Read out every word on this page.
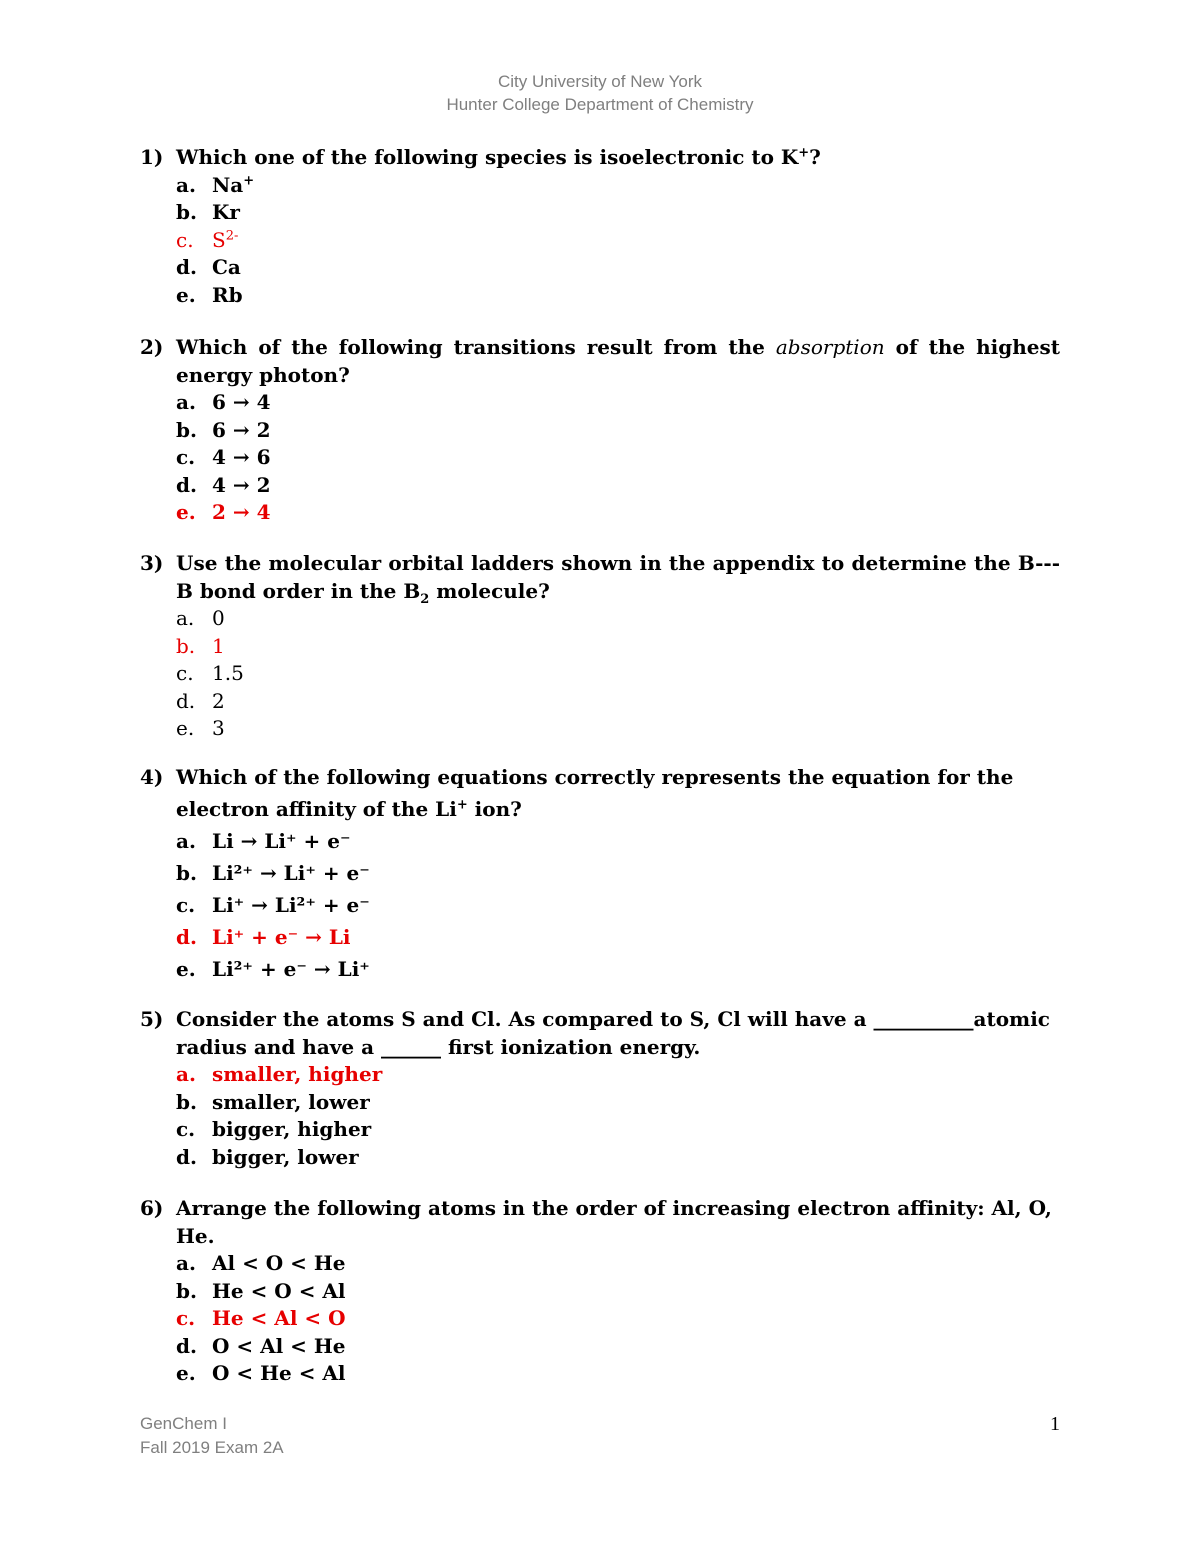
City University of New York
Hunter College Department of Chemistry
1) Which one of the following species is isoelectronic to K+?
a. Na+
b. Kr
c. $S^{2-}$
d. Ca
e. Rb
2) Which of the following transitions result from the absorption of the highest energy photon?
a. 6 → 4
b. 6 → 2
c. 4 → 6
d. 4 → 2
e. 2 → 4
3) Use the molecular orbital ladders shown in the appendix to determine the B---B bond order in the $B_2$ molecule?
a. 0
b. 1
c. 1.5
d. 2
e. 3
4) Which of the following equations correctly represents the equation for the electron affinity of the Li+ ion?
a. Li → Li⁺ + e⁻
b. Li²⁺ → Li⁺ + e⁻
c. Li⁺ → Li²⁺ + e⁻
d. Li⁺ + e⁻ → Li
e. Li²⁺ + e⁻ → Li⁺
5) Consider the atoms S and Cl. As compared to S, Cl will have a __________atomic radius and have a ______ first ionization energy.
a. smaller, higher
b. smaller, lower
c. bigger, higher
d. bigger, lower
6) Arrange the following atoms in the order of increasing electron affinity: Al, O, He.
a. Al < O < He
b. He < O < Al
c. He < Al < O
d. O < Al < He
e. O < He < Al
GenChem I
Fall 2019 Exam 2A
1
